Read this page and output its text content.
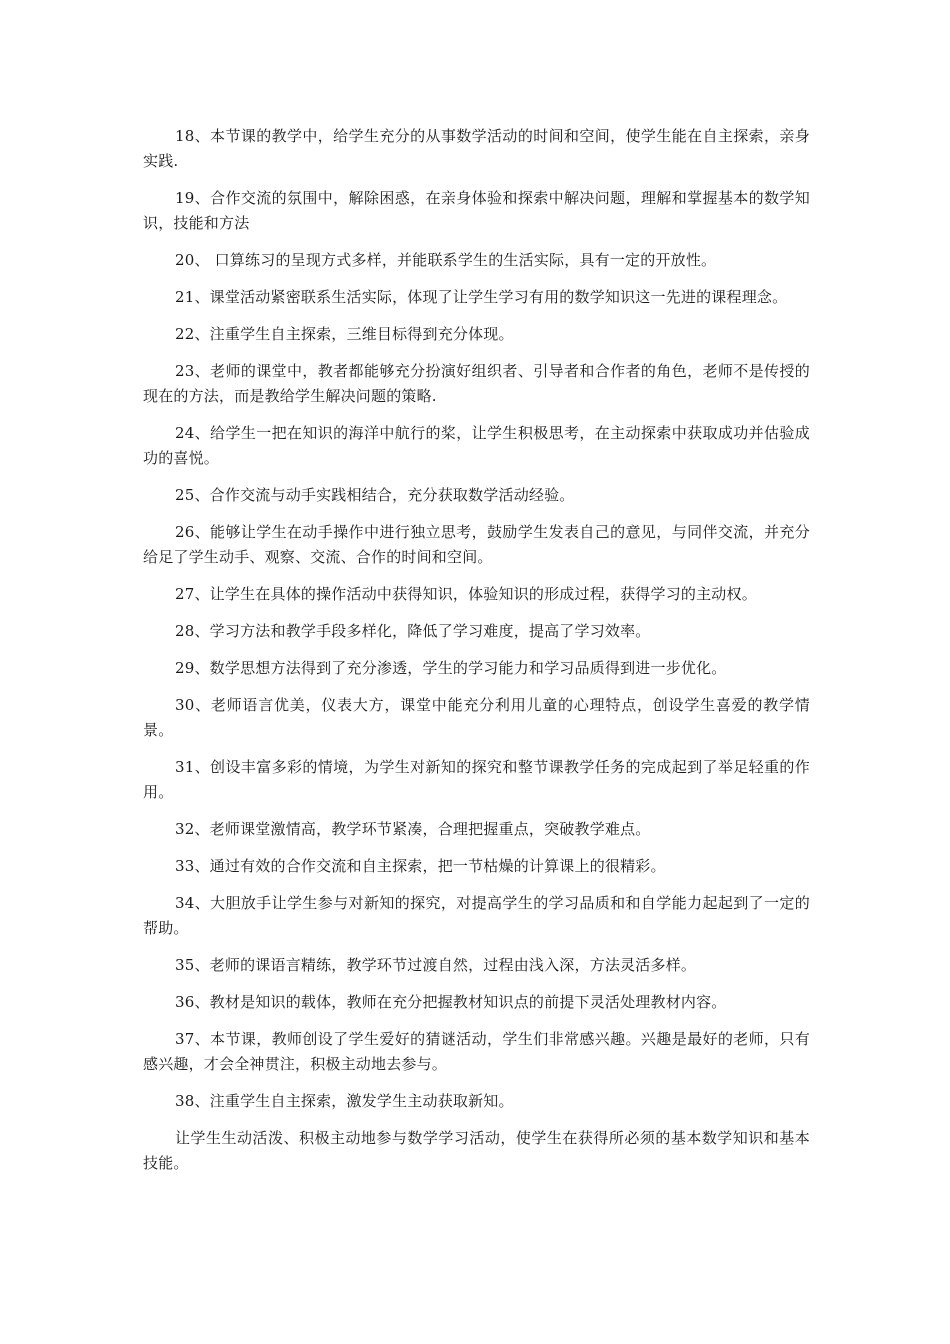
18、本节课的教学中，给学生充分的从事数学活动的时间和空间，使学生能在自主探索，亲身实践.

19、合作交流的氛围中，解除困惑，在亲身体验和探索中解决问题，理解和掌握基本的数学知识，技能和方法

20、 口算练习的呈现方式多样，并能联系学生的生活实际，具有一定的开放性。

21、课堂活动紧密联系生活实际，体现了让学生学习有用的数学知识这一先进的课程理念。

22、注重学生自主探索，三维目标得到充分体现。

23、老师的课堂中，教者都能够充分扮演好组织者、引导者和合作者的角色，老师不是传授的现在的方法，而是教给学生解决问题的策略.

24、给学生一把在知识的海洋中航行的桨，让学生积极思考，在主动探索中获取成功并估验成功的喜悦。

25、合作交流与动手实践相结合，充分获取数学活动经验。

26、能够让学生在动手操作中进行独立思考，鼓励学生发表自己的意见，与同伴交流，并充分给足了学生动手、观察、交流、合作的时间和空间。

27、让学生在具体的操作活动中获得知识，体验知识的形成过程，获得学习的主动权。

28、学习方法和教学手段多样化，降低了学习难度，提高了学习效率。

29、数学思想方法得到了充分渗透，学生的学习能力和学习品质得到进一步优化。

30、老师语言优美，仪表大方，课堂中能充分利用儿童的心理特点，创设学生喜爱的教学情景。

31、创设丰富多彩的情境，为学生对新知的探究和整节课教学任务的完成起到了举足轻重的作用。

32、老师课堂激情高，教学环节紧凑，合理把握重点，突破教学难点。

33、通过有效的合作交流和自主探索，把一节枯燥的计算课上的很精彩。

34、大胆放手让学生参与对新知的探究，对提高学生的学习品质和和自学能力起起到了一定的帮助。

35、老师的课语言精练，教学环节过渡自然，过程由浅入深，方法灵活多样。

36、教材是知识的载体，教师在充分把握教材知识点的前提下灵活处理教材内容。

37、本节课，教师创设了学生爱好的猜谜活动，学生们非常感兴趣。兴趣是最好的老师，只有感兴趣，才会全神贯注，积极主动地去参与。

38、注重学生自主探索，激发学生主动获取新知。

让学生生动活泼、积极主动地参与数学学习活动，使学生在获得所必须的基本数学知识和基本技能。
